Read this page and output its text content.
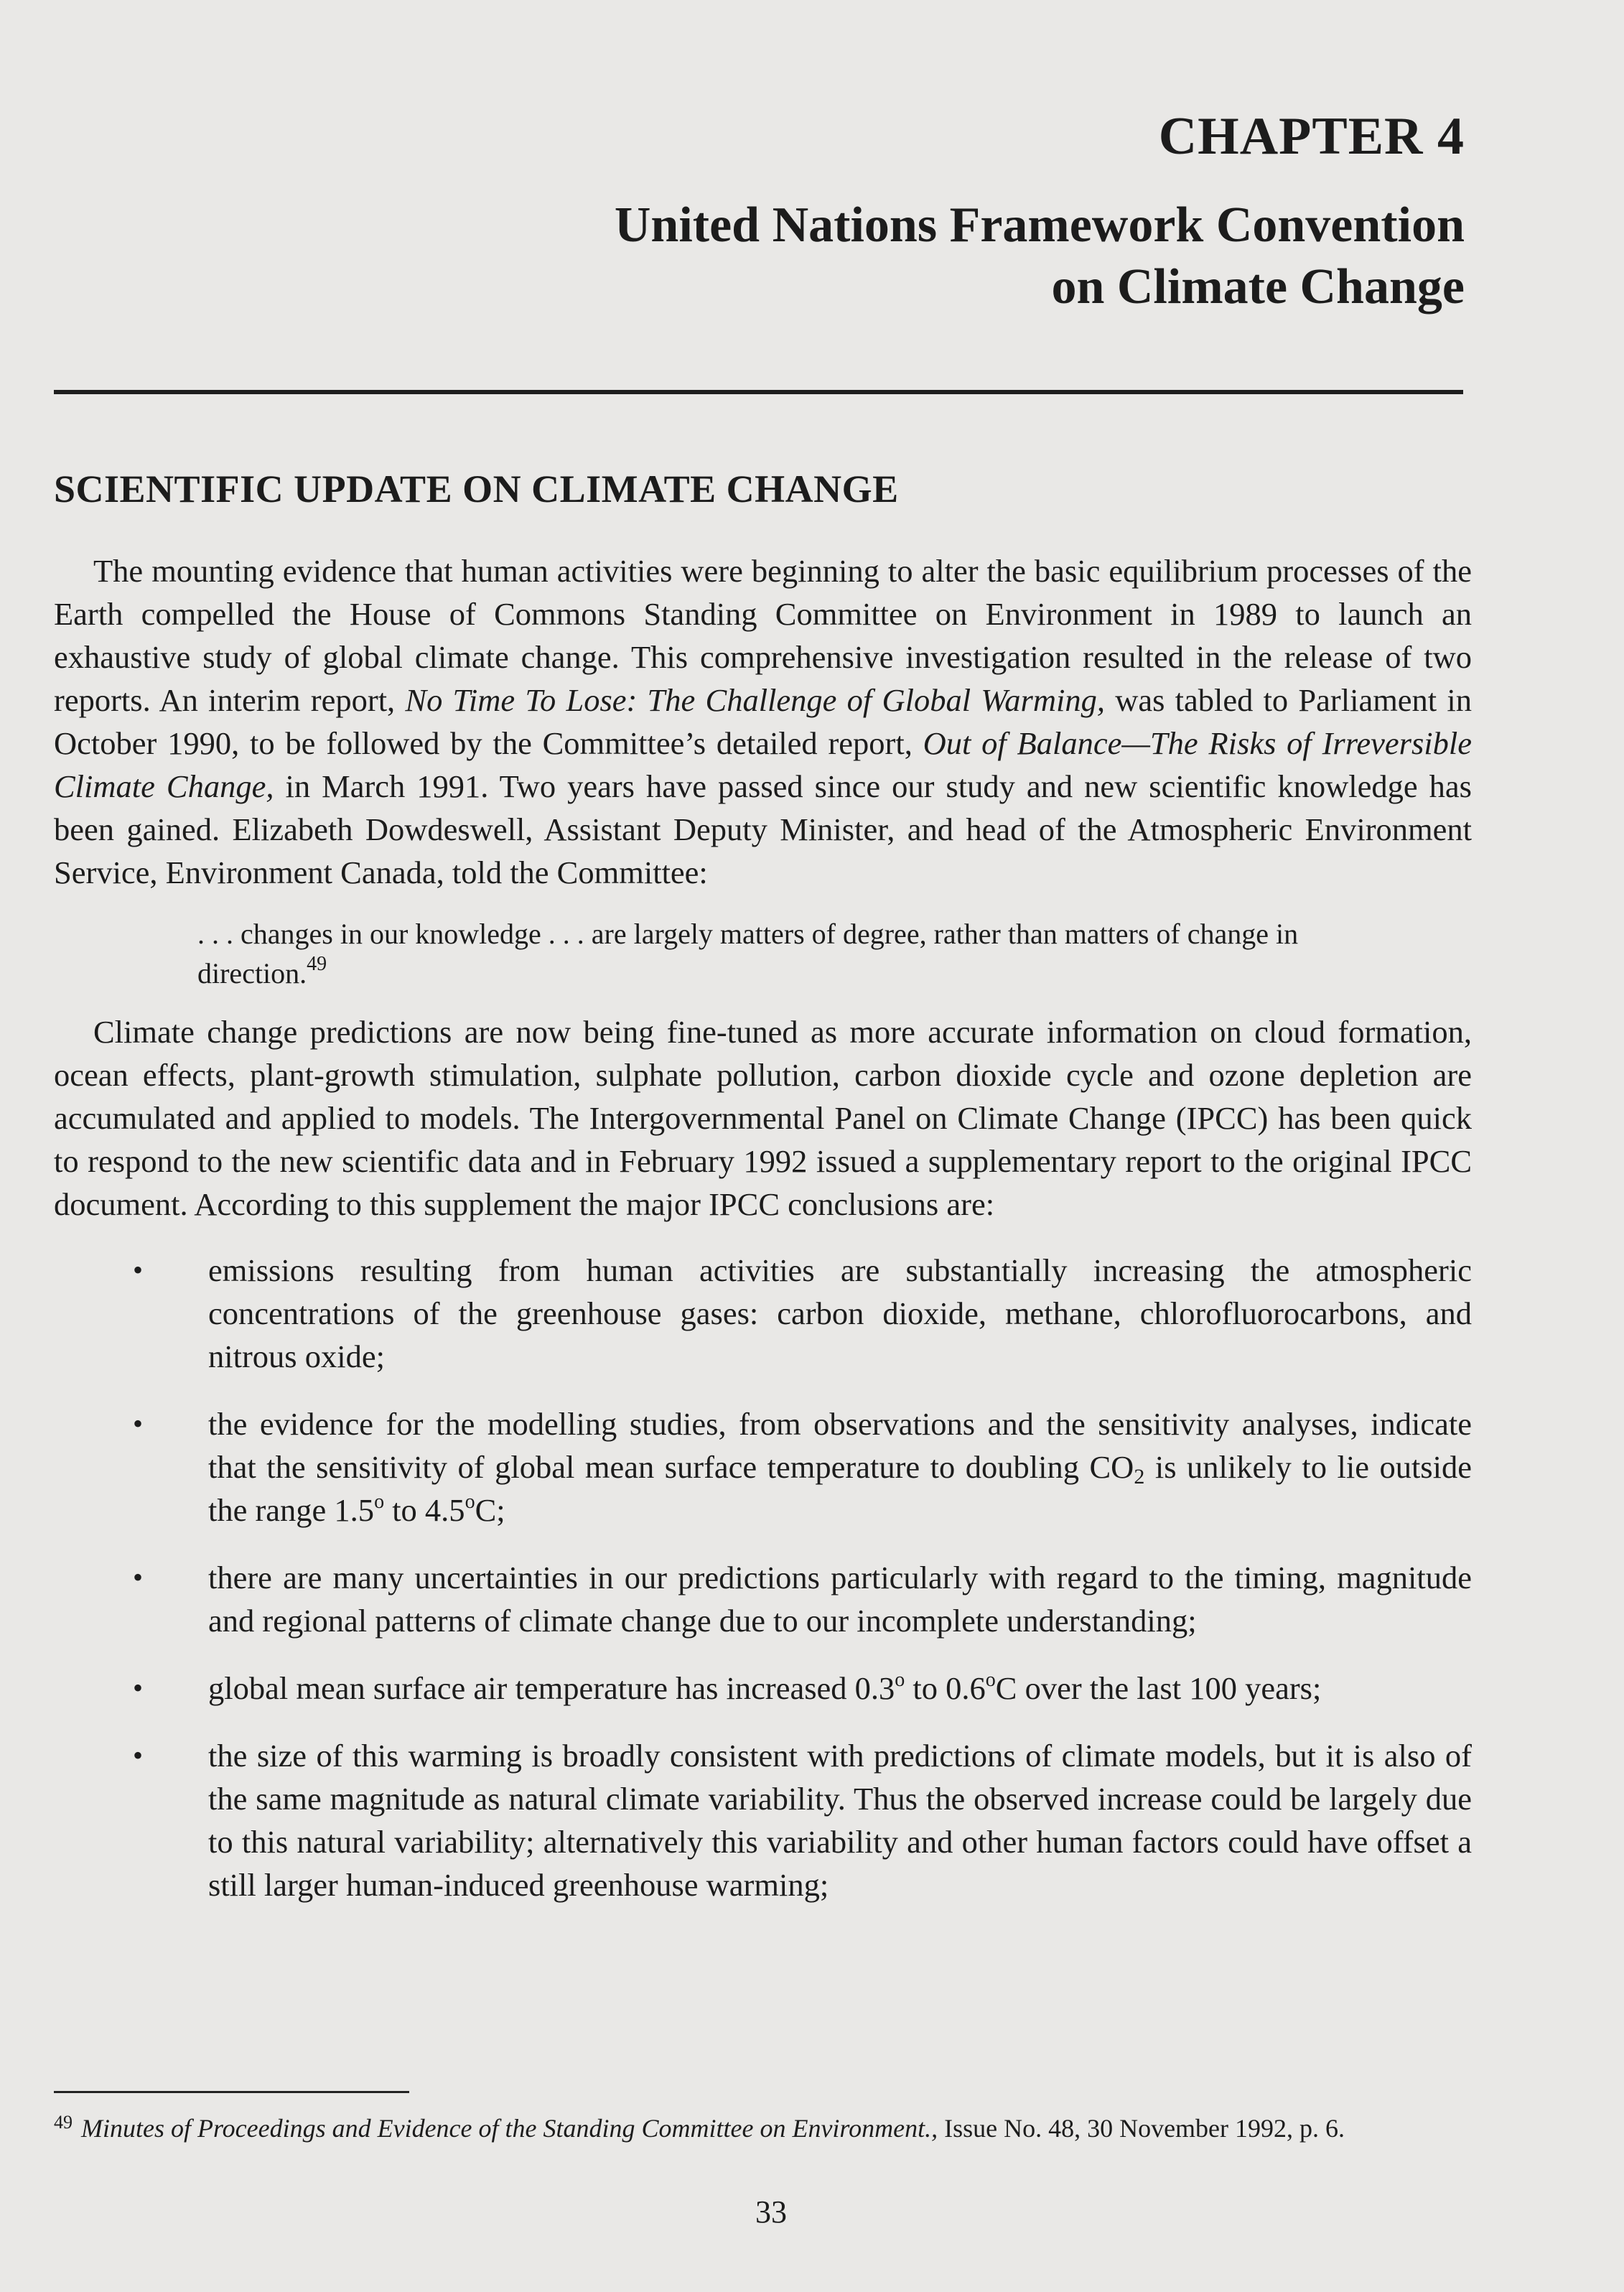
CHAPTER 4
United Nations Framework Convention
on Climate Change
SCIENTIFIC UPDATE ON CLIMATE CHANGE

The mounting evidence that human activities were beginning to alter the basic equilibrium processes of the Earth compelled the House of Commons Standing Committee on Environment in 1989 to launch an exhaustive study of global climate change. This comprehensive investigation resulted in the release of two reports. An interim report, No Time To Lose: The Challenge of Global Warming, was tabled to Parliament in October 1990, to be followed by the Committee’s detailed report, Out of Balance—The Risks of Irreversible Climate Change, in March 1991. Two years have passed since our study and new scientific knowledge has been gained. Elizabeth Dowdeswell, Assistant Deputy Minister, and head of the Atmospheric Environment Service, Environment Canada, told the Committee:

. . . changes in our knowledge . . . are largely matters of degree, rather than matters of change in direction.$^{49}$

Climate change predictions are now being fine-tuned as more accurate information on cloud formation, ocean effects, plant-growth stimulation, sulphate pollution, carbon dioxide cycle and ozone depletion are accumulated and applied to models. The Intergovernmental Panel on Climate Change (IPCC) has been quick to respond to the new scientific data and in February 1992 issued a supplementary report to the original IPCC document. According to this supplement the major IPCC conclusions are:

•	emissions resulting from human activities are substantially increasing the atmospheric concentrations of the greenhouse gases: carbon dioxide, methane, chlorofluorocarbons, and nitrous oxide;
•	the evidence for the modelling studies, from observations and the sensitivity analyses, indicate that the sensitivity of global mean surface temperature to doubling $CO_2$ is unlikely to lie outside the range 1.5$^o$ to 4.5$^o$C;
•	there are many uncertainties in our predictions particularly with regard to the timing, magnitude and regional patterns of climate change due to our incomplete understanding;
•	global mean surface air temperature has increased 0.3$^o$ to 0.6$^o$C over the last 100 years;
•	the size of this warming is broadly consistent with predictions of climate models, but it is also of the same magnitude as natural climate variability. Thus the observed increase could be largely due to this natural variability; alternatively this variability and other human factors could have offset a still larger human-induced greenhouse warming;
$^{49}$ Minutes of Proceedings and Evidence of the Standing Committee on Environment., Issue No. 48, 30 November 1992, p. 6.
33
